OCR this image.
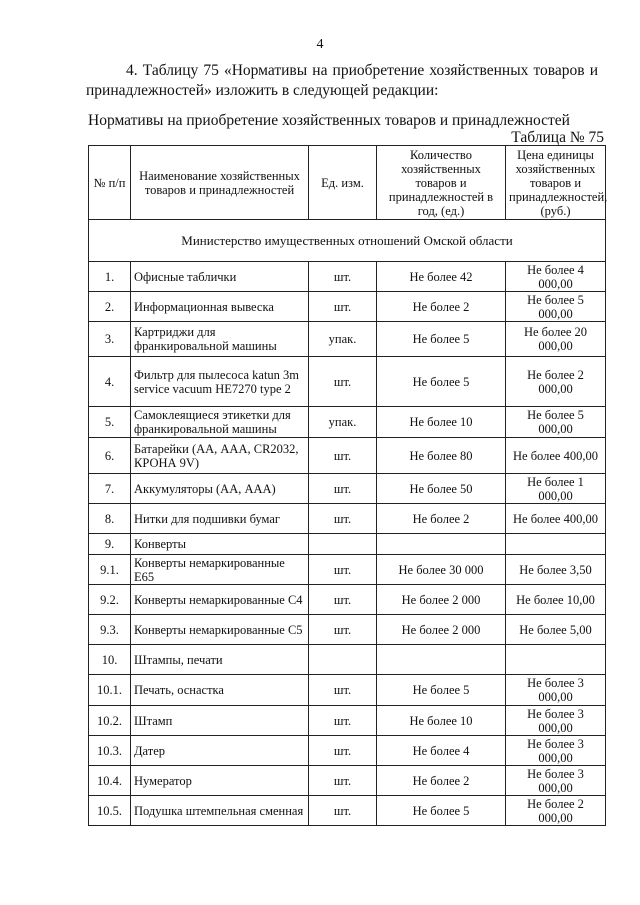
4
4. Таблицу 75 «Нормативы на приобретение хозяйственных товаров и принадлежностей» изложить в следующей редакции:
Нормативы на приобретение хозяйственных товаров и принадлежностей
Таблица № 75
№ п/п	Наименование хозяйственных товаров и принадлежностей	Ед. изм.	Количество хозяйственных товаров и принадлежностей в год, (ед.)	Цена единицы хозяйственных товаров и принадлежностей, (руб.)
Министерство имущественных отношений Омской области				
1.	Офисные таблички	шт.	Не более 42	Не более 4 000,00
2.	Информационная вывеска	шт.	Не более 2	Не более 5 000,00
3.	Картриджи для франкировальной машины	упак.	Не более 5	Не более 20 000,00
4.	Фильтр для пылесоса katun 3m service vacuum HE7270 type 2	шт.	Не более 5	Не более 2 000,00
5.	Самоклеящиеся этикетки для франкировальной машины	упак.	Не более 10	Не более 5 000,00
6.	Батарейки (АА, ААА, CR2032, КРОНА 9V)	шт.	Не более 80	Не более 400,00
7.	Аккумуляторы (АА, ААА)	шт.	Не более 50	Не более 1 000,00
8.	Нитки для подшивки бумаг	шт.	Не более 2	Не более 400,00
9.	Конверты			
9.1.	Конверты немаркированные Е65	шт.	Не более 30 000	Не более 3,50
9.2.	Конверты немаркированные С4	шт.	Не более 2 000	Не более 10,00
9.3.	Конверты немаркированные С5	шт.	Не более 2 000	Не более 5,00
10.	Штампы, печати			
10.1.	Печать, оснастка	шт.	Не более 5	Не более 3 000,00
10.2.	Штамп	шт.	Не более 10	Не более 3 000,00
10.3.	Датер	шт.	Не более 4	Не более 3 000,00
10.4.	Нумератор	шт.	Не более 2	Не более 3 000,00
10.5.	Подушка штемпельная сменная	шт.	Не более 5	Не более 2 000,00
